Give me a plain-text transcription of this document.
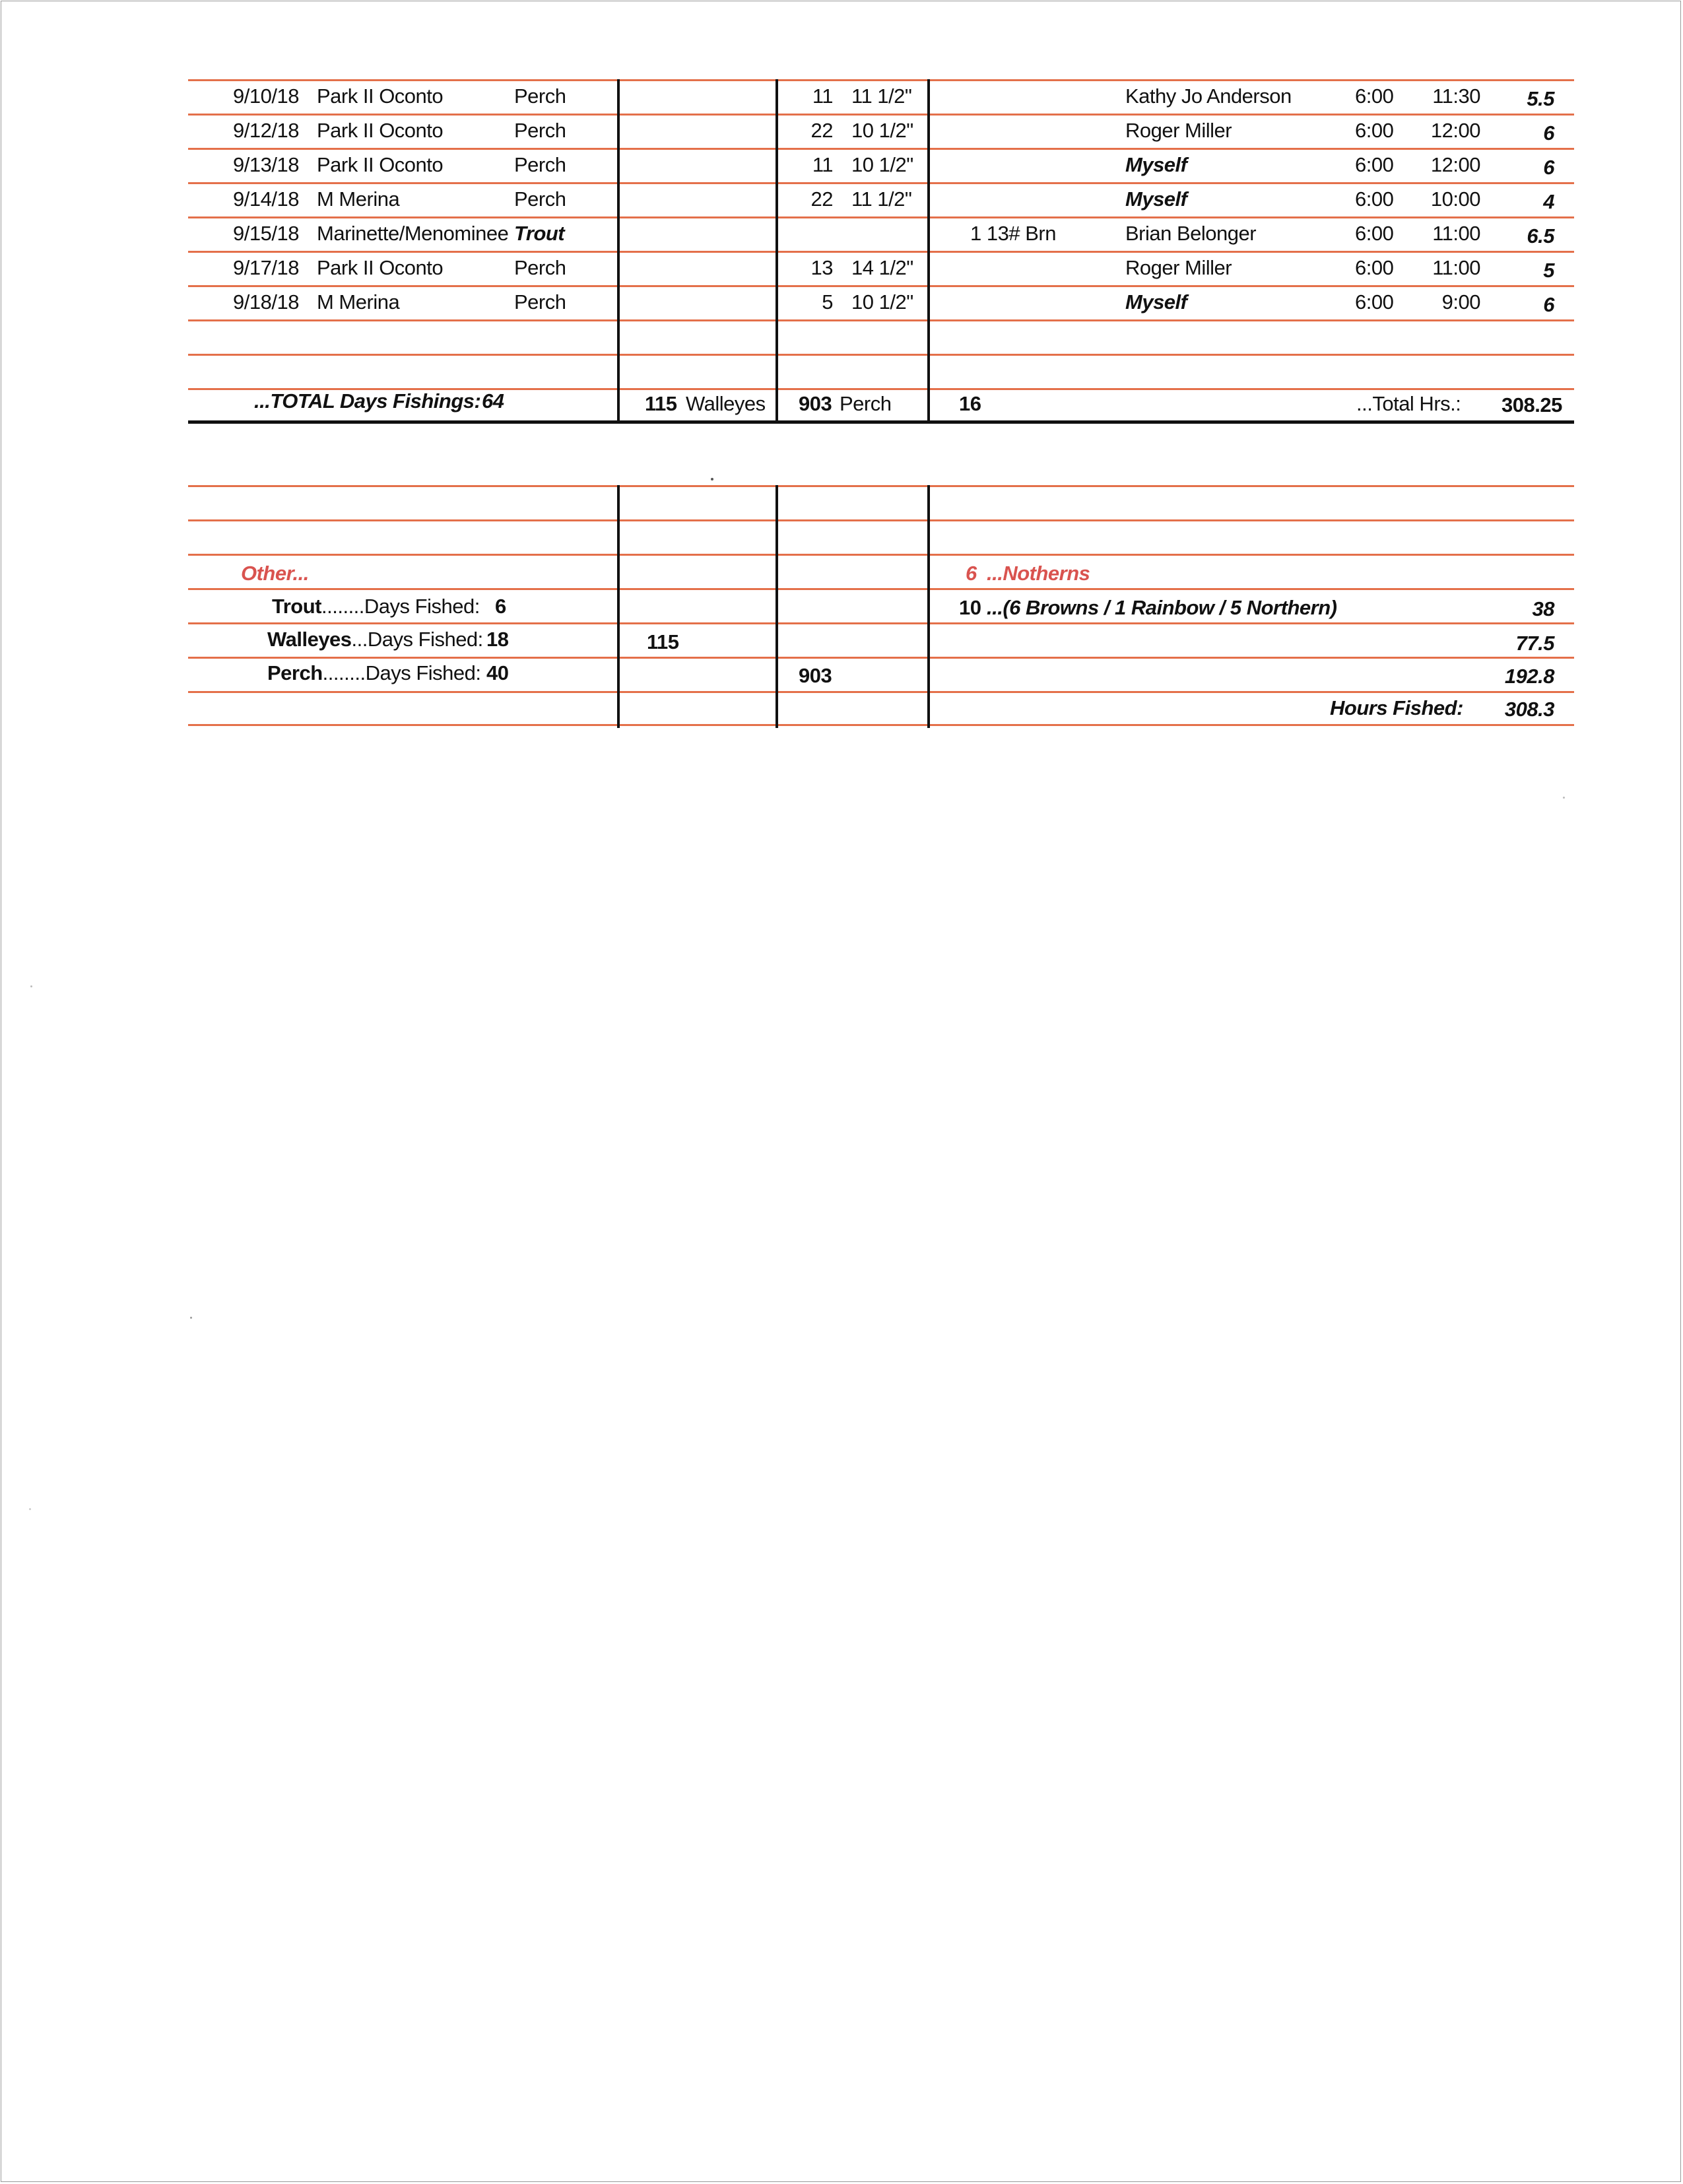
9/10/18 Park II Oconto	Perch	11 11 1/2"	Kathy Jo Anderson	6:00	11:30	5.5
9/12/18 Park II Oconto	Perch	22 10 1/2"	Roger Miller	6:00	12:00	6
9/13/18 Park II Oconto	Perch	11 10 1/2"	Myself	6:00	12:00	6
9/14/18 M Merina	Perch	22 11 1/2"	Myself	6:00	10:00	4
9/15/18 Marinette/Menominee Trout	1 13# Brn	Brian Belonger	6:00	11:00	6.5
9/17/18 Park II Oconto	Perch	13 14 1/2"	Roger Miller	6:00	11:00	5
9/18/18 M Merina	Perch	5 10 1/2"	Myself	6:00	9:00	6
...TOTAL Days Fishings: 64	115 Walleyes 903 Perch	16	...Total Hrs.: 308.25
Other...	6 ...Notherns
Trout........Days Fished: 6	10 ...(6 Browns / 1 Rainbow / 5 Northern)	38
Walleyes...Days Fished: 18	115	77.5
Perch........Days Fished: 40	903	192.8
Hours Fished:	308.3
